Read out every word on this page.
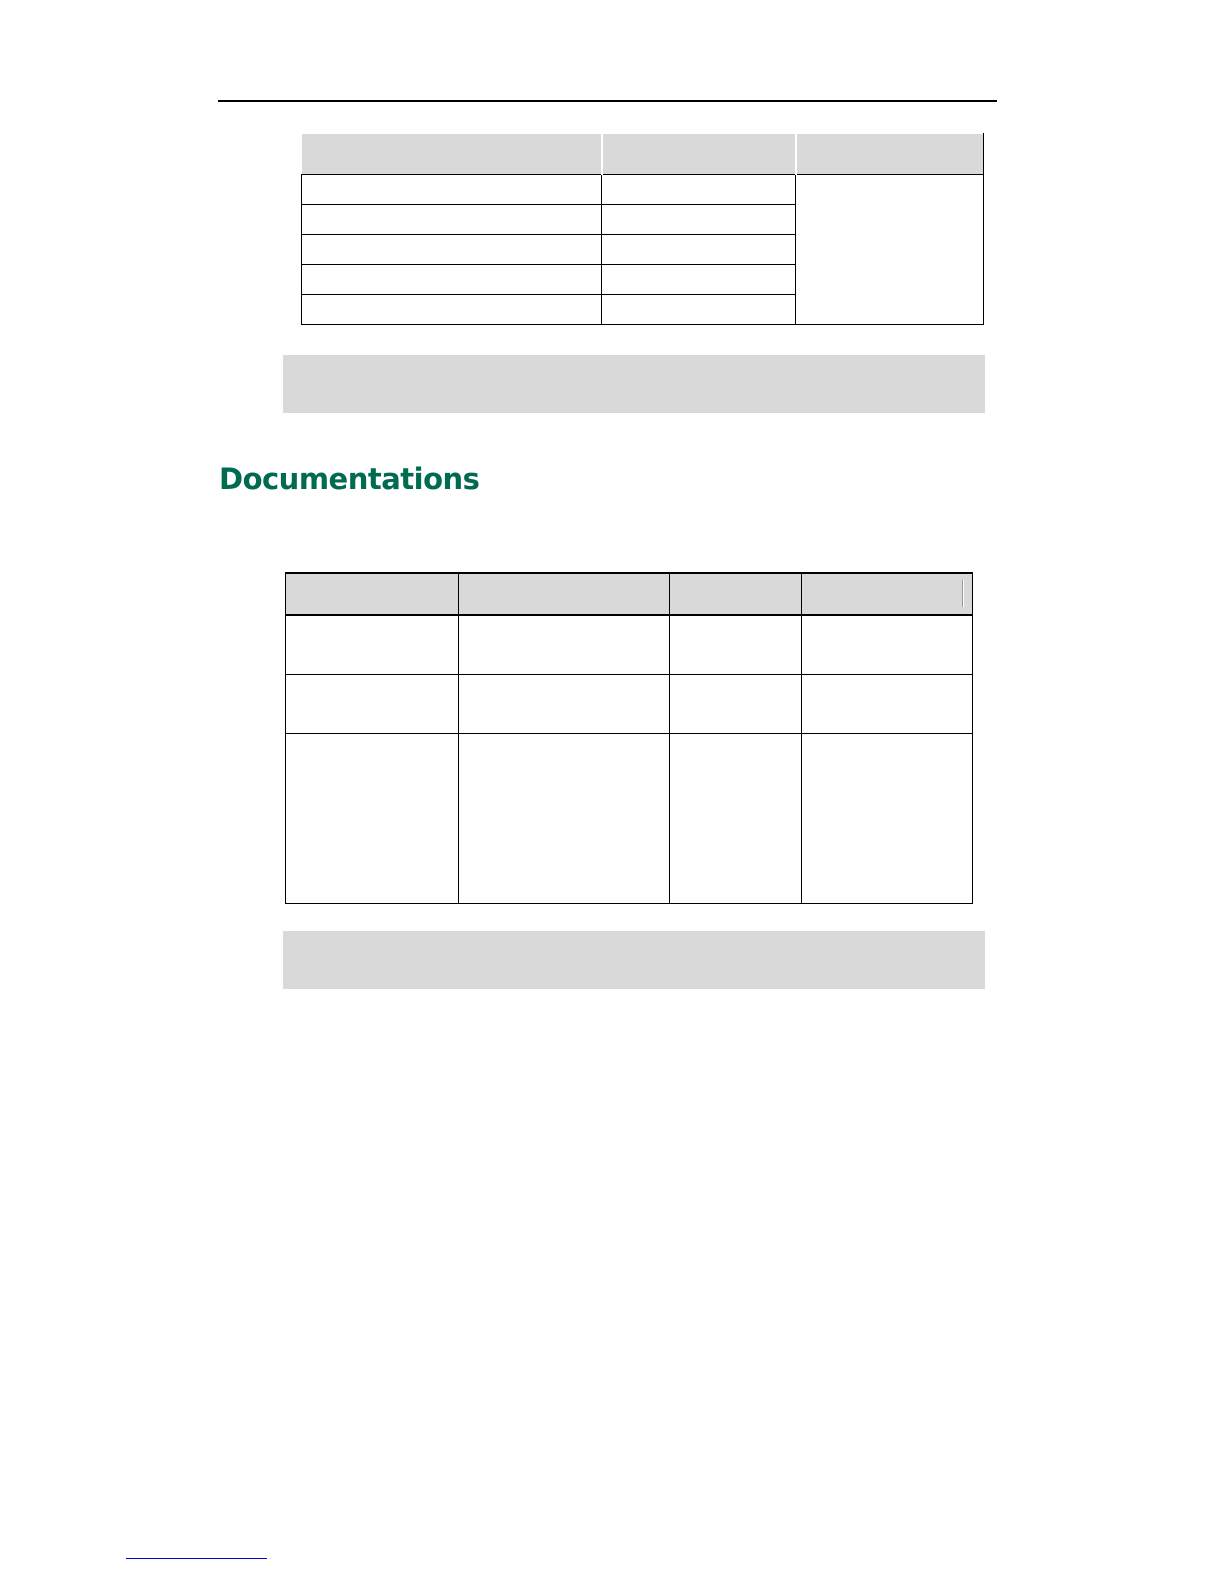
Documentations
